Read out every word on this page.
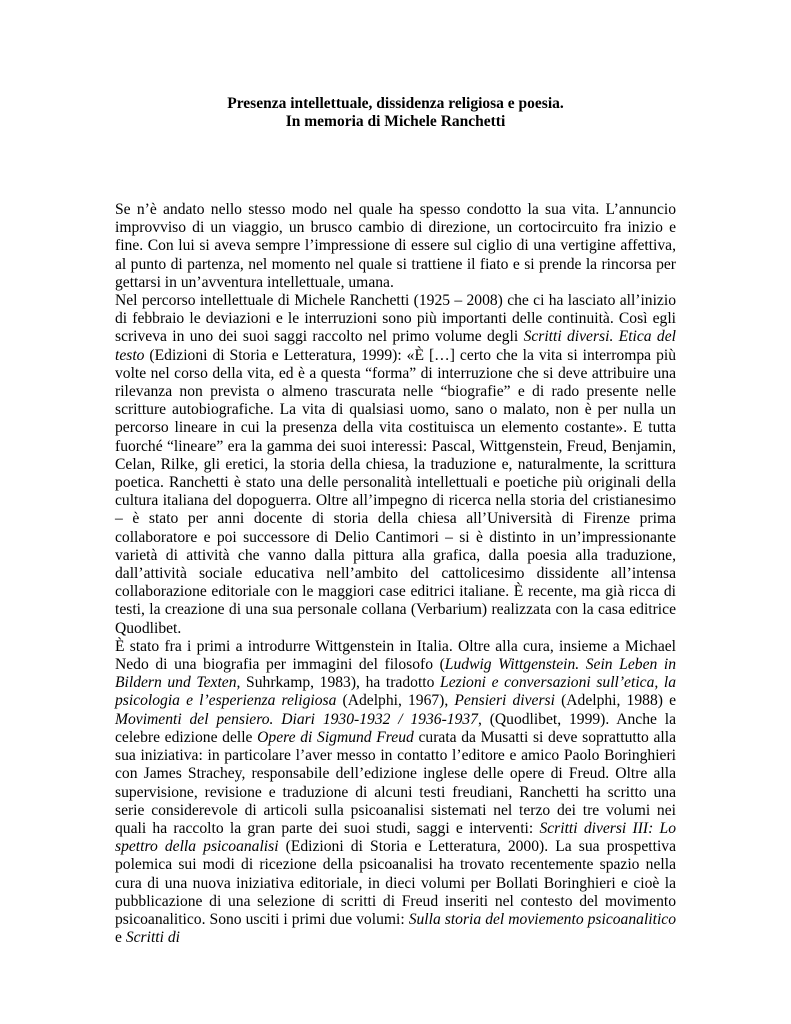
Presenza intellettuale, dissidenza religiosa e poesia.
In memoria di Michele Ranchetti

Se n’è andato nello stesso modo nel quale ha spesso condotto la sua vita. L’annuncio improvviso di un viaggio, un brusco cambio di direzione, un cortocircuito fra inizio e fine. Con lui si aveva sempre l’impressione di essere sul ciglio di una vertigine affettiva, al punto di partenza, nel momento nel quale si trattiene il fiato e si prende la rincorsa per gettarsi in un’avventura intellettuale, umana.

Nel percorso intellettuale di Michele Ranchetti (1925 – 2008) che ci ha lasciato all’inizio di febbraio le deviazioni e le interruzioni sono più importanti delle continuità. Così egli scriveva in uno dei suoi saggi raccolto nel primo volume degli Scritti diversi. Etica del testo (Edizioni di Storia e Letteratura, 1999): «È […] certo che la vita si interrompa più volte nel corso della vita, ed è a questa “forma” di interruzione che si deve attribuire una rilevanza non prevista o almeno trascurata nelle “biografie” e di rado presente nelle scritture autobiografiche. La vita di qualsiasi uomo, sano o malato, non è per nulla un percorso lineare in cui la presenza della vita costituisca un elemento costante». E tutta fuorché “lineare” era la gamma dei suoi interessi: Pascal, Wittgenstein, Freud, Benjamin, Celan, Rilke, gli eretici, la storia della chiesa, la traduzione e, naturalmente, la scrittura poetica. Ranchetti è stato una delle personalità intellettuali e poetiche più originali della cultura italiana del dopoguerra. Oltre all’impegno di ricerca nella storia del cristianesimo – è stato per anni docente di storia della chiesa all’Università di Firenze prima collaboratore e poi successore di Delio Cantimori – si è distinto in un’impressionante varietà di attività che vanno dalla pittura alla grafica, dalla poesia alla traduzione, dall’attività sociale educativa nell’ambito del cattolicesimo dissidente all’intensa collaborazione editoriale con le maggiori case editrici italiane. È recente, ma già ricca di testi, la creazione di una sua personale collana (Verbarium) realizzata con la casa editrice Quodlibet.

È stato fra i primi a introdurre Wittgenstein in Italia. Oltre alla cura, insieme a Michael Nedo di una biografia per immagini del filosofo (Ludwig Wittgenstein. Sein Leben in Bildern und Texten, Suhrkamp, 1983), ha tradotto Lezioni e conversazioni sull’etica, la psicologia e l’esperienza religiosa (Adelphi, 1967), Pensieri diversi (Adelphi, 1988) e Movimenti del pensiero. Diari 1930-1932 / 1936-1937, (Quodlibet, 1999). Anche la celebre edizione delle Opere di Sigmund Freud curata da Musatti si deve soprattutto alla sua iniziativa: in particolare l’aver messo in contatto l’editore e amico Paolo Boringhieri con James Strachey, responsabile dell’edizione inglese delle opere di Freud. Oltre alla supervisione, revisione e traduzione di alcuni testi freudiani, Ranchetti ha scritto una serie considerevole di articoli sulla psicoanalisi sistemati nel terzo dei tre volumi nei quali ha raccolto la gran parte dei suoi studi, saggi e interventi: Scritti diversi III: Lo spettro della psicoanalisi (Edizioni di Storia e Letteratura, 2000). La sua prospettiva polemica sui modi di ricezione della psicoanalisi ha trovato recentemente spazio nella cura di una nuova iniziativa editoriale, in dieci volumi per Bollati Boringhieri e cioè la pubblicazione di una selezione di scritti di Freud inseriti nel contesto del movimento psicoanalitico. Sono usciti i primi due volumi: Sulla storia del moviemento psicoanalitico e Scritti di
